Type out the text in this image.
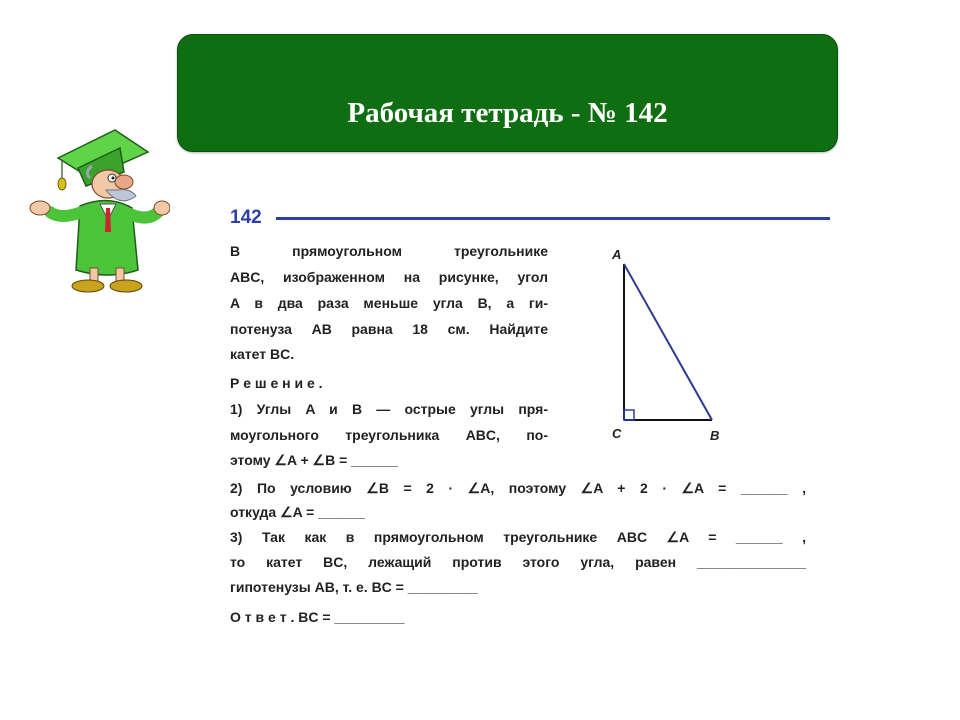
Рабочая тетрадь - № 142
142
В прямоугольном треугольнике
ABC, изображенном на рисунке, угол
A в два раза меньше угла B, а ги-
потенуза AB равна 18 см. Найдите
катет BC.
Р е ш е н и е .
1) Углы A и B — острые углы пря-
моугольного треугольника ABC, по-
этому ∠A + ∠B = ______
2) По условию ∠B = 2 · ∠A, поэтому ∠A + 2 · ∠A = ______ ,
откуда ∠A = ______
3) Так как в прямоугольном треугольнике ABC ∠A = ______ ,
то катет BC, лежащий против этого угла, равен ______________
гипотенузы AB, т. е. BC = _________
О т в е т . BC = _________
A
C	B
